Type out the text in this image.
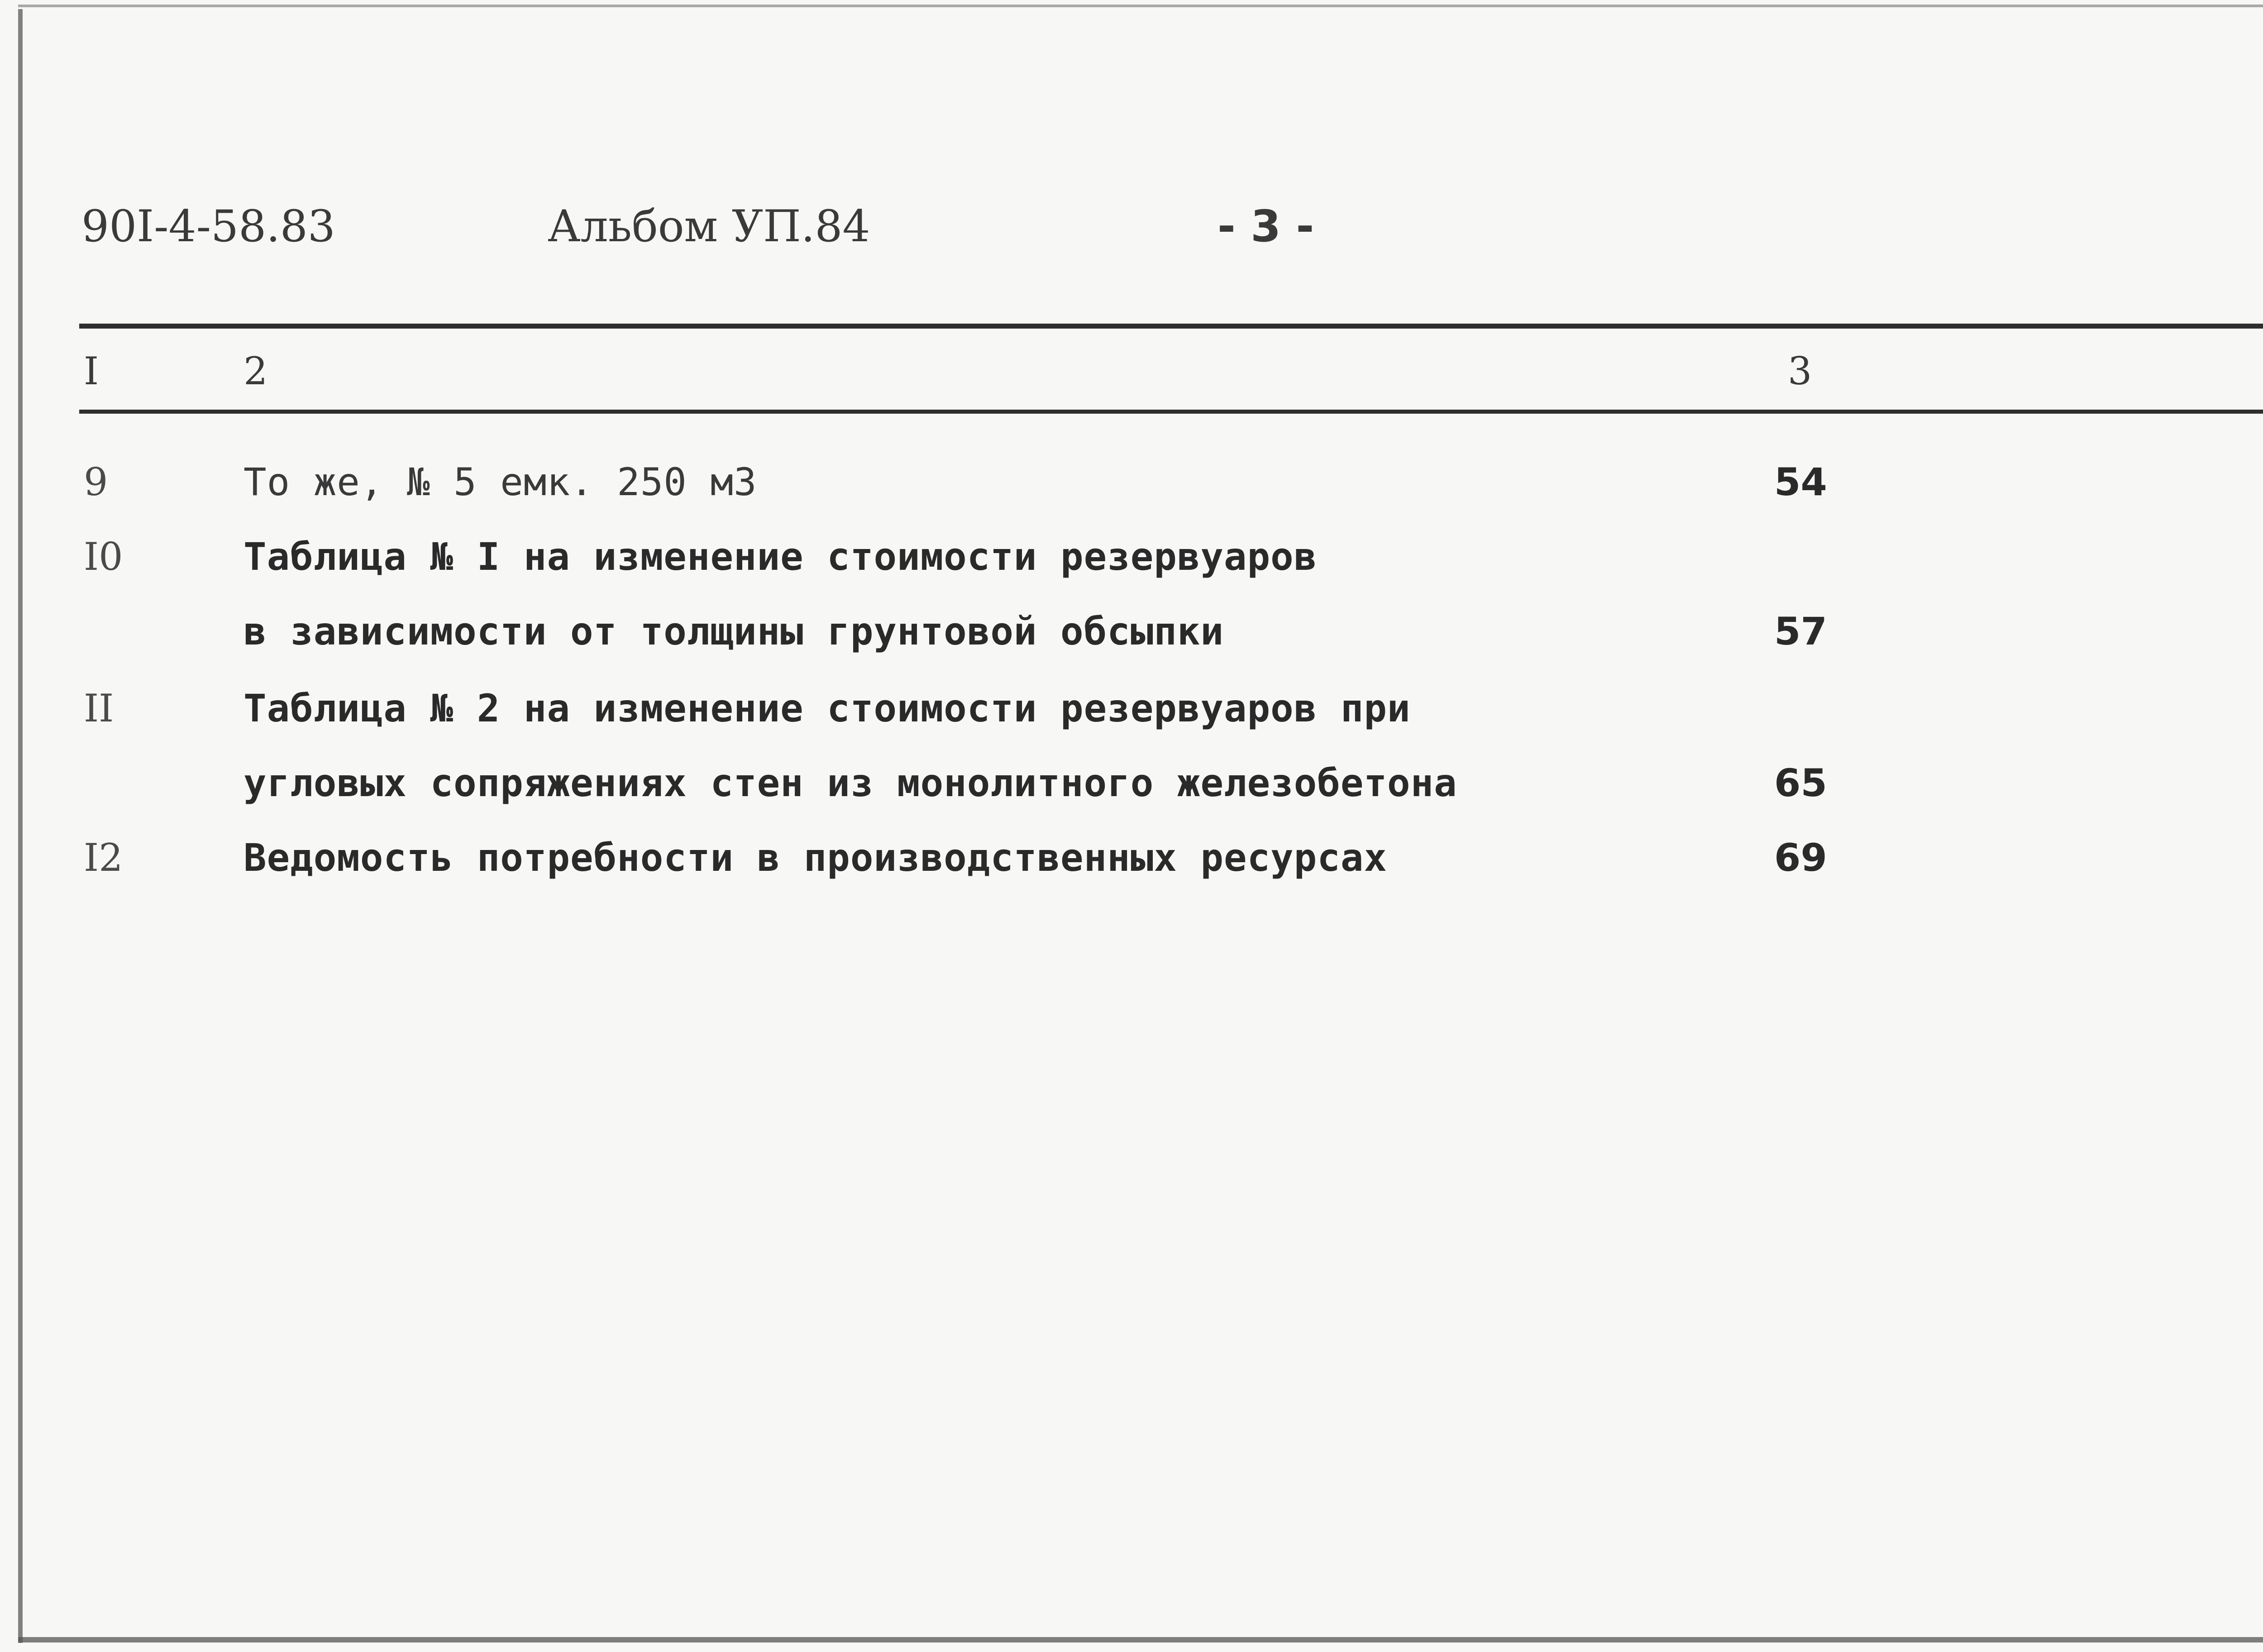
90I-4-58.83	Альбом УП.84	- 3 -
I	2	3
9	То же, № 5 емк. 250 м3	54
I0	Таблица № I на изменение стоимости резервуаров
в зависимости от толщины грунтовой обсыпки	57
II	Таблица № 2 на изменение стоимости резервуаров при
угловых сопряжениях стен из монолитного железобетона	65
I2	Ведомость потребности в производственных ресурсах	69
